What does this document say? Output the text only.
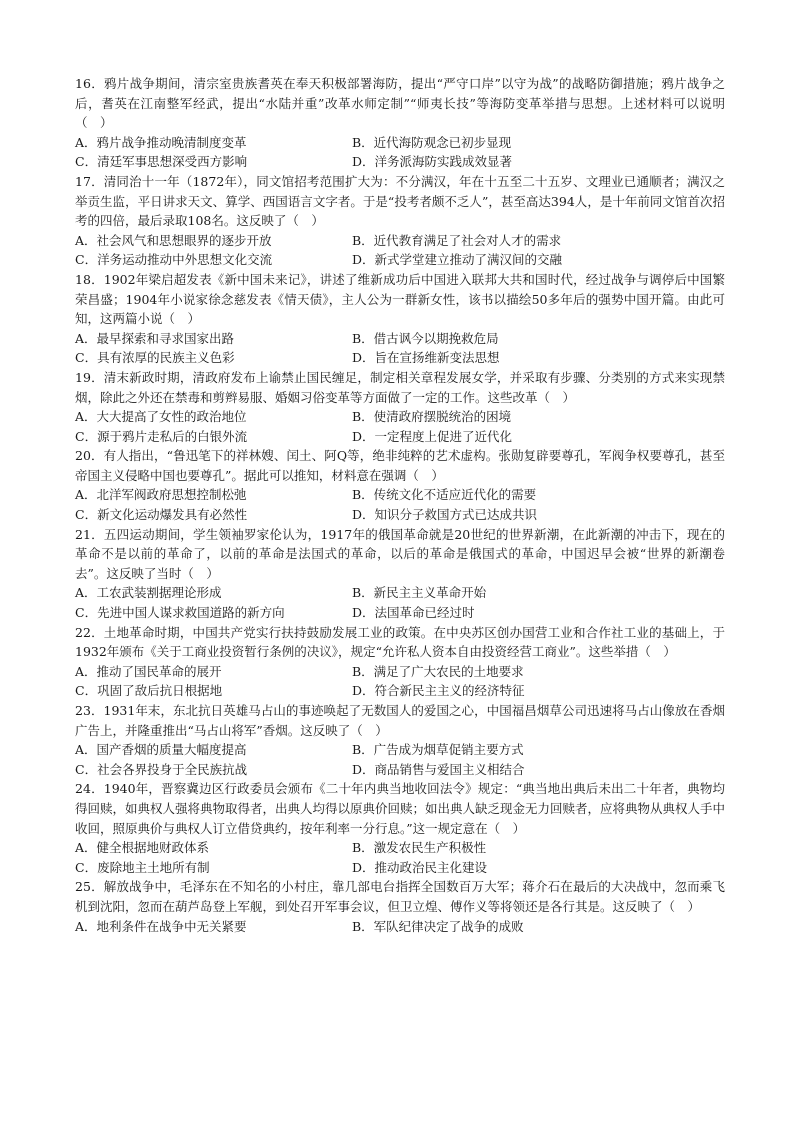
16．鸦片战争期间，清宗室贵族耆英在奉天积极部署海防，提出“严守口岸”以守为战”的战略防御措施；鸦片战争之后，耆英在江南整军经武，提出“水陆并重”改革水师定制”“师夷长技”等海防变革举措与思想。上述材料可以说明（　）

A．鸦片战争推动晚清制度变革	B．近代海防观念已初步显现
C．清廷军事思想深受西方影响	D．洋务派海防实践成效显著

17．清同治十一年（1872年），同文馆招考范围扩大为：不分满汉，年在十五至二十五岁、文理业已通顺者；满汉之举贡生监，平日讲求天文、算学、西国语言文字者。于是“投考者颇不乏人”，甚至高达394人，是十年前同文馆首次招考的四倍，最后录取108名。这反映了（　）

A．社会风气和思想眼界的逐步开放	B．近代教育满足了社会对人才的需求
C．洋务运动推动中外思想文化交流	D．新式学堂建立推动了满汉间的交融

18．1902年梁启超发表《新中国未来记》，讲述了维新成功后中国进入联邦大共和国时代，经过战争与调停后中国繁荣昌盛；1904年小说家徐念慈发表《情天债》，主人公为一群新女性，该书以描绘50多年后的强势中国开篇。由此可知，这两篇小说（　）

A．最早探索和寻求国家出路	B．借古讽今以期挽救危局
C．具有浓厚的民族主义色彩	D．旨在宣扬维新变法思想

19．清末新政时期，清政府发布上谕禁止国民缠足，制定相关章程发展女学，并采取有步骤、分类别的方式来实现禁烟，除此之外还在禁毒和剪辫易服、婚姻习俗变革等方面做了一定的工作。这些改革（　）

A．大大提高了女性的政治地位	B．使清政府摆脱统治的困境
C．源于鸦片走私后的白银外流	D．一定程度上促进了近代化

20．有人指出，“鲁迅笔下的祥林嫂、闰土、阿Q等，绝非纯粹的艺术虚构。张勋复辟要尊孔，军阀争权要尊孔，甚至帝国主义侵略中国也要尊孔”。据此可以推知，材料意在强调（　）

A．北洋军阀政府思想控制松弛	B．传统文化不适应近代化的需要
C．新文化运动爆发具有必然性	D．知识分子救国方式已达成共识

21．五四运动期间，学生领袖罗家伦认为，1917年的俄国革命就是20世纪的世界新潮，在此新潮的冲击下，现在的革命不是以前的革命了，以前的革命是法国式的革命，以后的革命是俄国式的革命，中国迟早会被“世界的新潮卷去”。这反映了当时（　）

A．工农武装割据理论形成	B．新民主主义革命开始
C．先进中国人谋求救国道路的新方向	D．法国革命已经过时

22．土地革命时期，中国共产党实行扶持鼓励发展工业的政策。在中央苏区创办国营工业和合作社工业的基础上，于1932年颁布《关于工商业投资暂行条例的决议》，规定“允许私人资本自由投资经营工商业”。这些举措（　）

A．推动了国民革命的展开	B．满足了广大农民的土地要求
C．巩固了敌后抗日根据地	D．符合新民主主义的经济特征

23．1931年末，东北抗日英雄马占山的事迹唤起了无数国人的爱国之心，中国福昌烟草公司迅速将马占山像放在香烟广告上，并隆重推出“马占山将军”香烟。这反映了（　）

A．国产香烟的质量大幅度提高	B．广告成为烟草促销主要方式
C．社会各界投身于全民族抗战	D．商品销售与爱国主义相结合

24．1940年，晋察冀边区行政委员会颁布《二十年内典当地收回法令》规定：“典当地出典后未出二十年者，典物均得回赎，如典权人强将典物取得者，出典人均得以原典价回赎；如出典人缺乏现金无力回赎者，应将典物从典权人手中收回，照原典价与典权人订立借贷典约，按年利率一分行息。”这一规定意在（　）

A．健全根据地财政体系	B．激发农民生产积极性
C．废除地主土地所有制	D．推动政治民主化建设

25．解放战争中，毛泽东在不知名的小村庄，靠几部电台指挥全国数百万大军；蒋介石在最后的大决战中，忽而乘飞机到沈阳，忽而在葫芦岛登上军舰，到处召开军事会议，但卫立煌、傅作义等将领还是各行其是。这反映了（　）

A．地利条件在战争中无关紧要	B．军队纪律决定了战争的成败
